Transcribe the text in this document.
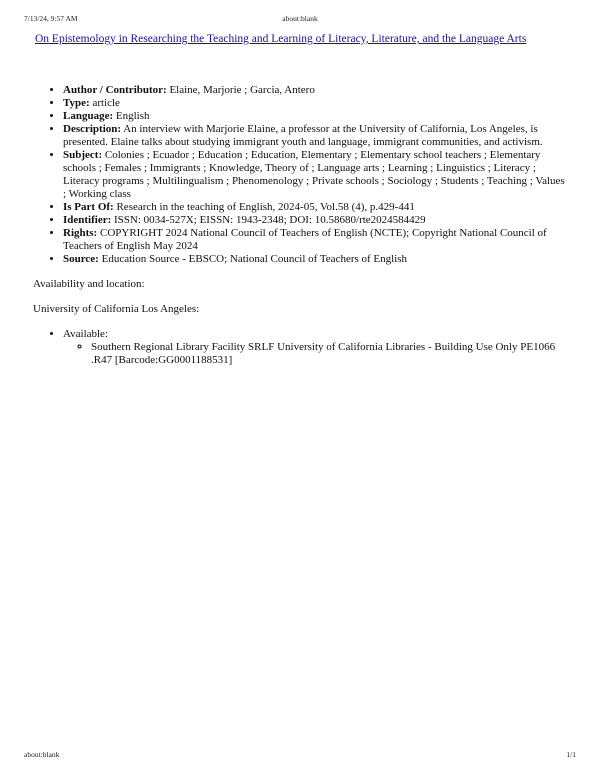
7/13/24, 9:57 AM	about:blank
On Epistemology in Researching the Teaching and Learning of Literacy, Literature, and the Language Arts
• Author / Contributor: Elaine, Marjorie ; Garcia, Antero
• Type: article
• Language: English
• Description: An interview with Marjorie Elaine, a professor at the University of California, Los Angeles, is presented. Elaine talks about studying immigrant youth and language, immigrant communities, and activism.
• Subject: Colonies ; Ecuador ; Education ; Education, Elementary ; Elementary school teachers ; Elementary schools ; Females ; Immigrants ; Knowledge, Theory of ; Language arts ; Learning ; Linguistics ; Literacy ; Literacy programs ; Multilingualism ; Phenomenology ; Private schools ; Sociology ; Students ; Teaching ; Values ; Working class
• Is Part Of: Research in the teaching of English, 2024-05, Vol.58 (4), p.429-441
• Identifier: ISSN: 0034-527X; EISSN: 1943-2348; DOI: 10.58680/rte2024584429
• Rights: COPYRIGHT 2024 National Council of Teachers of English (NCTE); Copyright National Council of Teachers of English May 2024
• Source: Education Source - EBSCO; National Council of Teachers of English

Availability and location:

University of California Los Angeles:

• Available:
◦ Southern Regional Library Facility SRLF University of California Libraries - Building Use Only PE1066 .R47 [Barcode:GG0001188531]
about:blank	1/1
